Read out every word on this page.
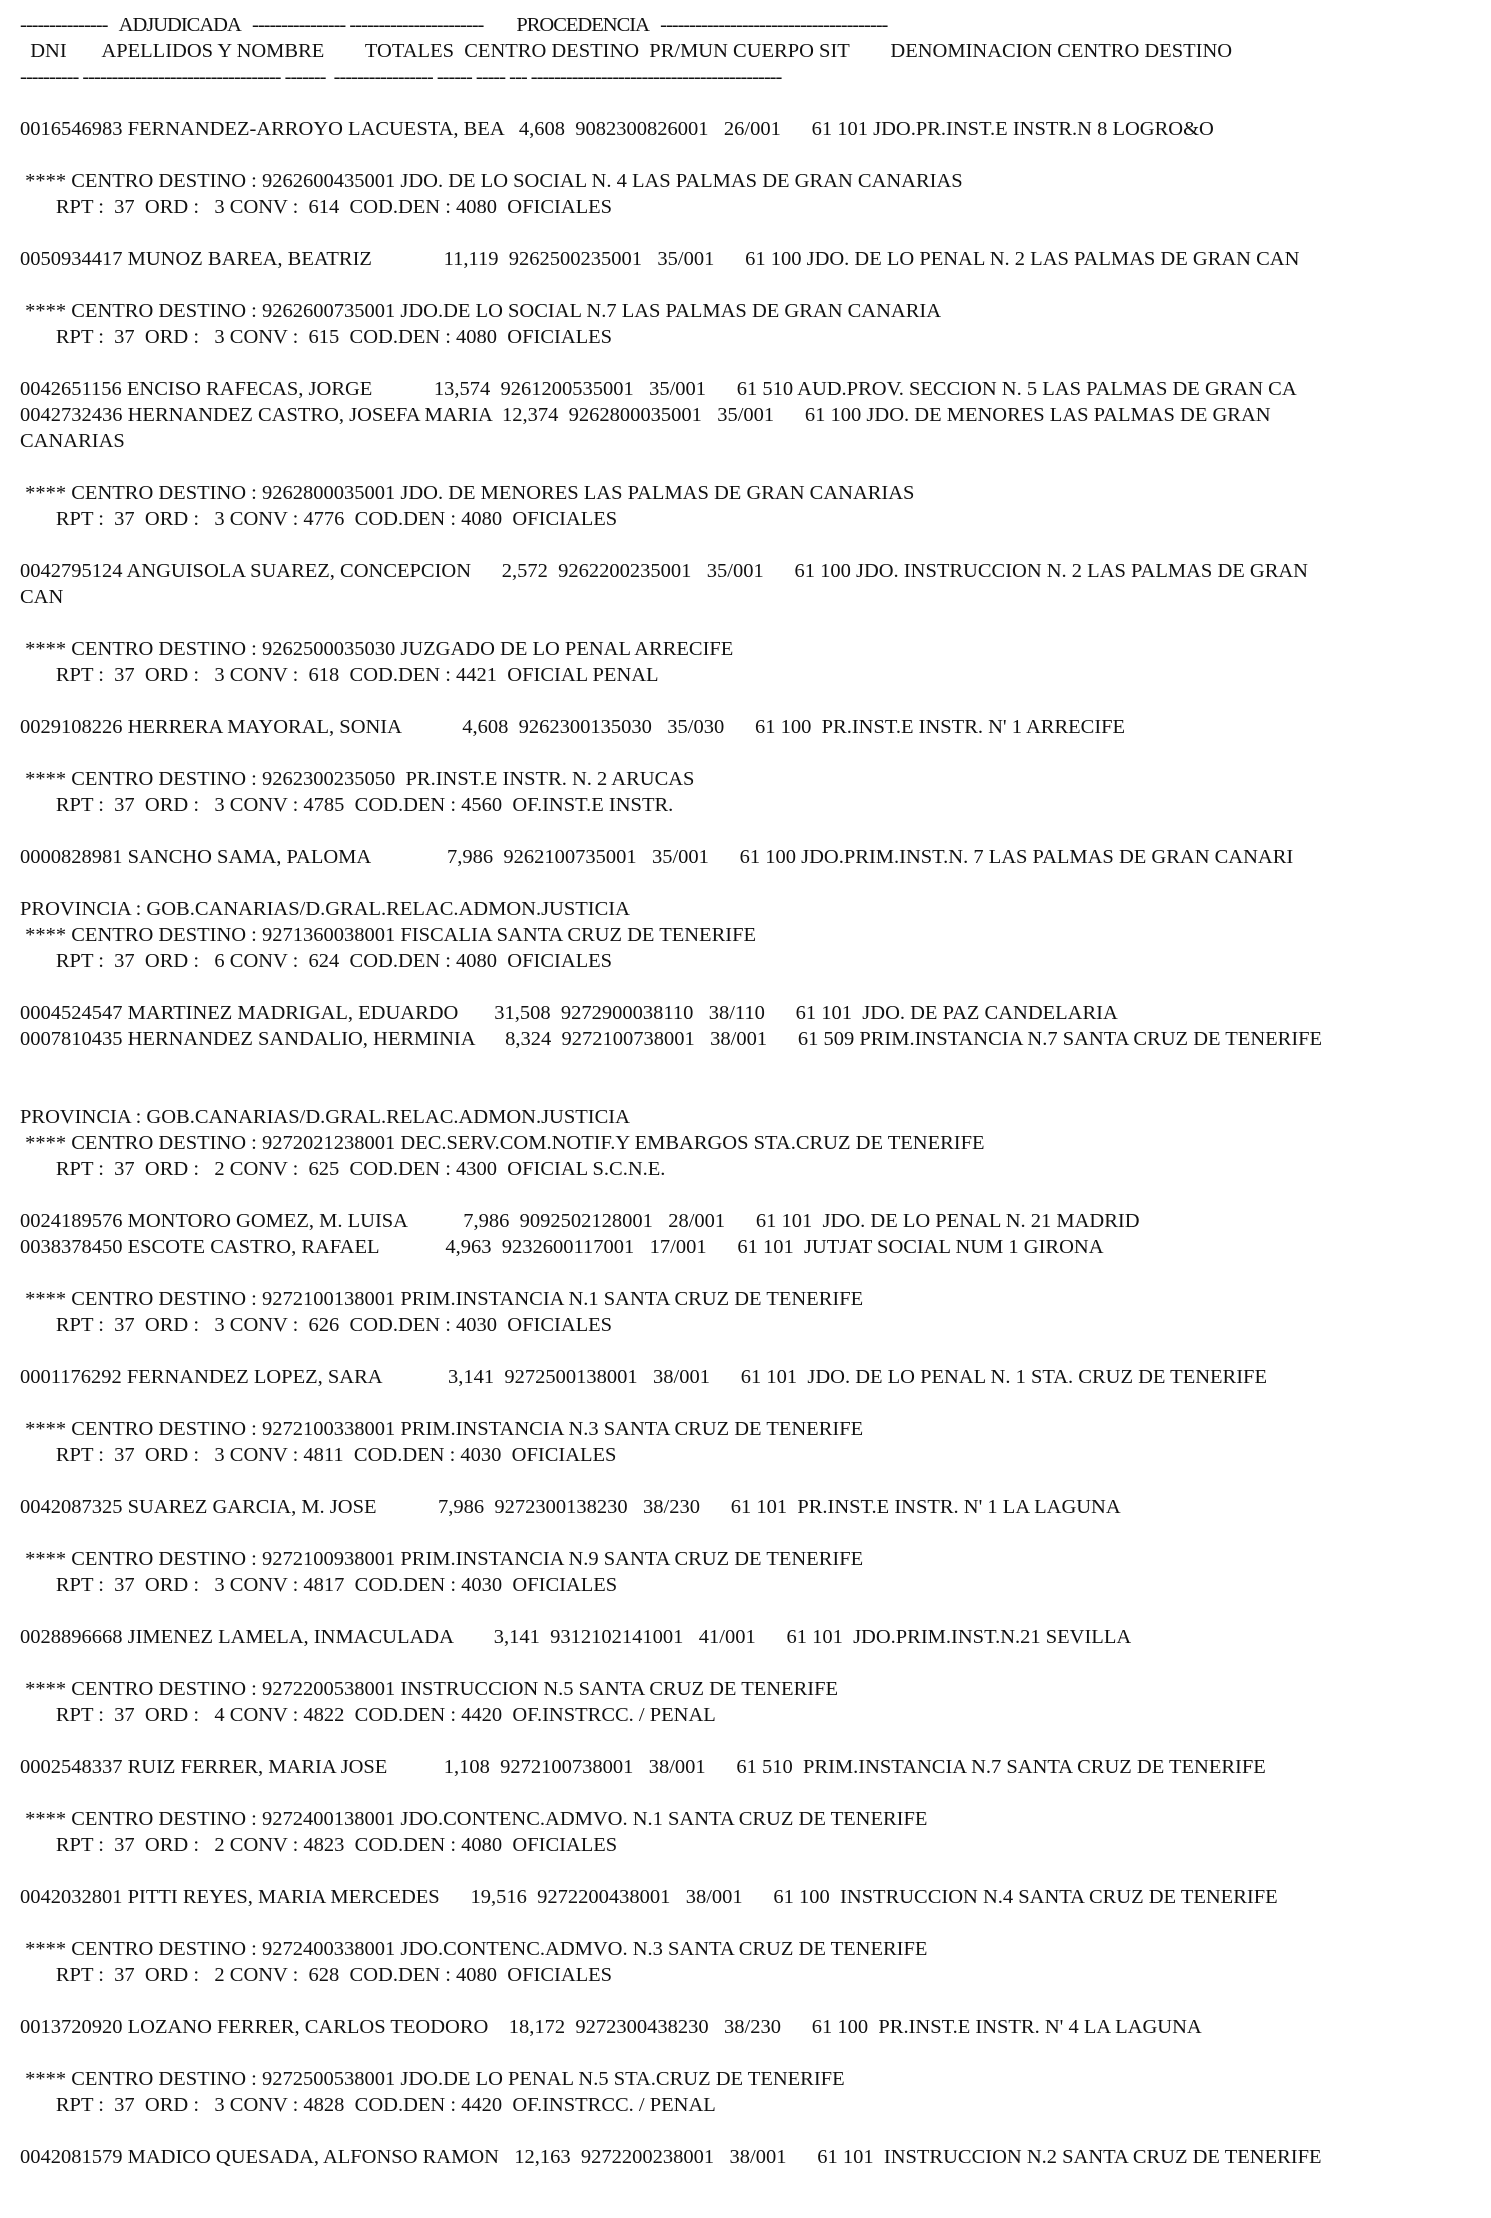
---------------   ADJUDICADA   ---------------- -----------------------        PROCEDENCIA   ---------------------------------------
DNI       APELLIDOS Y NOMBRE        TOTALES  CENTRO DESTINO  PR/MUN CUERPO SIT        DENOMINACION CENTRO DESTINO
---------- ---------------------------------- -------  ----------------- ------ ----- --- -------------------------------------------
0016546983 FERNANDEZ-ARROYO LACUESTA, BEA   4,608  9082300826001   26/001      61 101 JDO.PR.INST.E INSTR.N 8 LOGRO&O
**** CENTRO DESTINO : 9262600435001 JDO. DE LO SOCIAL N. 4 LAS PALMAS DE GRAN CANARIAS
RPT :  37  ORD :   3 CONV :  614  COD.DEN : 4080  OFICIALES
0050934417 MUNOZ BAREA, BEATRIZ              11,119  9262500235001   35/001      61 100 JDO. DE LO PENAL N. 2 LAS PALMAS DE GRAN CAN
**** CENTRO DESTINO : 9262600735001 JDO.DE LO SOCIAL N.7 LAS PALMAS DE GRAN CANARIA
RPT :  37  ORD :   3 CONV :  615  COD.DEN : 4080  OFICIALES
0042651156 ENCISO RAFECAS, JORGE            13,574  9261200535001   35/001      61 510 AUD.PROV. SECCION N. 5 LAS PALMAS DE GRAN CA
0042732436 HERNANDEZ CASTRO, JOSEFA MARIA  12,374  9262800035001   35/001      61 100 JDO. DE MENORES LAS PALMAS DE GRAN
CANARIAS
**** CENTRO DESTINO : 9262800035001 JDO. DE MENORES LAS PALMAS DE GRAN CANARIAS
RPT :  37  ORD :   3 CONV : 4776  COD.DEN : 4080  OFICIALES
0042795124 ANGUISOLA SUAREZ, CONCEPCION      2,572  9262200235001   35/001      61 100 JDO. INSTRUCCION N. 2 LAS PALMAS DE GRAN
CAN
**** CENTRO DESTINO : 9262500035030 JUZGADO DE LO PENAL ARRECIFE
RPT :  37  ORD :   3 CONV :  618  COD.DEN : 4421  OFICIAL PENAL
0029108226 HERRERA MAYORAL, SONIA            4,608  9262300135030   35/030      61 100  PR.INST.E INSTR. N' 1 ARRECIFE
**** CENTRO DESTINO : 9262300235050  PR.INST.E INSTR. N. 2 ARUCAS
RPT :  37  ORD :   3 CONV : 4785  COD.DEN : 4560  OF.INST.E INSTR.
0000828981 SANCHO SAMA, PALOMA               7,986  9262100735001   35/001      61 100 JDO.PRIM.INST.N. 7 LAS PALMAS DE GRAN CANARI
PROVINCIA : GOB.CANARIAS/D.GRAL.RELAC.ADMON.JUSTICIA
**** CENTRO DESTINO : 9271360038001 FISCALIA SANTA CRUZ DE TENERIFE
RPT :  37  ORD :   6 CONV :  624  COD.DEN : 4080  OFICIALES
0004524547 MARTINEZ MADRIGAL, EDUARDO       31,508  9272900038110   38/110      61 101  JDO. DE PAZ CANDELARIA
0007810435 HERNANDEZ SANDALIO, HERMINIA      8,324  9272100738001   38/001      61 509 PRIM.INSTANCIA N.7 SANTA CRUZ DE TENERIFE
PROVINCIA : GOB.CANARIAS/D.GRAL.RELAC.ADMON.JUSTICIA
**** CENTRO DESTINO : 9272021238001 DEC.SERV.COM.NOTIF.Y EMBARGOS STA.CRUZ DE TENERIFE
RPT :  37  ORD :   2 CONV :  625  COD.DEN : 4300  OFICIAL S.C.N.E.
0024189576 MONTORO GOMEZ, M. LUISA           7,986  9092502128001   28/001      61 101  JDO. DE LO PENAL N. 21 MADRID
0038378450 ESCOTE CASTRO, RAFAEL             4,963  9232600117001   17/001      61 101  JUTJAT SOCIAL NUM 1 GIRONA
**** CENTRO DESTINO : 9272100138001 PRIM.INSTANCIA N.1 SANTA CRUZ DE TENERIFE
RPT :  37  ORD :   3 CONV :  626  COD.DEN : 4030  OFICIALES
0001176292 FERNANDEZ LOPEZ, SARA             3,141  9272500138001   38/001      61 101  JDO. DE LO PENAL N. 1 STA. CRUZ DE TENERIFE
**** CENTRO DESTINO : 9272100338001 PRIM.INSTANCIA N.3 SANTA CRUZ DE TENERIFE
RPT :  37  ORD :   3 CONV : 4811  COD.DEN : 4030  OFICIALES
0042087325 SUAREZ GARCIA, M. JOSE            7,986  9272300138230   38/230      61 101  PR.INST.E INSTR. N' 1 LA LAGUNA
**** CENTRO DESTINO : 9272100938001 PRIM.INSTANCIA N.9 SANTA CRUZ DE TENERIFE
RPT :  37  ORD :   3 CONV : 4817  COD.DEN : 4030  OFICIALES
0028896668 JIMENEZ LAMELA, INMACULADA        3,141  9312102141001   41/001      61 101  JDO.PRIM.INST.N.21 SEVILLA
**** CENTRO DESTINO : 9272200538001 INSTRUCCION N.5 SANTA CRUZ DE TENERIFE
RPT :  37  ORD :   4 CONV : 4822  COD.DEN : 4420  OF.INSTRCC. / PENAL
0002548337 RUIZ FERRER, MARIA JOSE           1,108  9272100738001   38/001      61 510  PRIM.INSTANCIA N.7 SANTA CRUZ DE TENERIFE
**** CENTRO DESTINO : 9272400138001 JDO.CONTENC.ADMVO. N.1 SANTA CRUZ DE TENERIFE
RPT :  37  ORD :   2 CONV : 4823  COD.DEN : 4080  OFICIALES
0042032801 PITTI REYES, MARIA MERCEDES      19,516  9272200438001   38/001      61 100  INSTRUCCION N.4 SANTA CRUZ DE TENERIFE
**** CENTRO DESTINO : 9272400338001 JDO.CONTENC.ADMVO. N.3 SANTA CRUZ DE TENERIFE
RPT :  37  ORD :   2 CONV :  628  COD.DEN : 4080  OFICIALES
0013720920 LOZANO FERRER, CARLOS TEODORO    18,172  9272300438230   38/230      61 100  PR.INST.E INSTR. N' 4 LA LAGUNA
**** CENTRO DESTINO : 9272500538001 JDO.DE LO PENAL N.5 STA.CRUZ DE TENERIFE
RPT :  37  ORD :   3 CONV : 4828  COD.DEN : 4420  OF.INSTRCC. / PENAL
0042081579 MADICO QUESADA, ALFONSO RAMON   12,163  9272200238001   38/001      61 101  INSTRUCCION N.2 SANTA CRUZ DE TENERIFE
